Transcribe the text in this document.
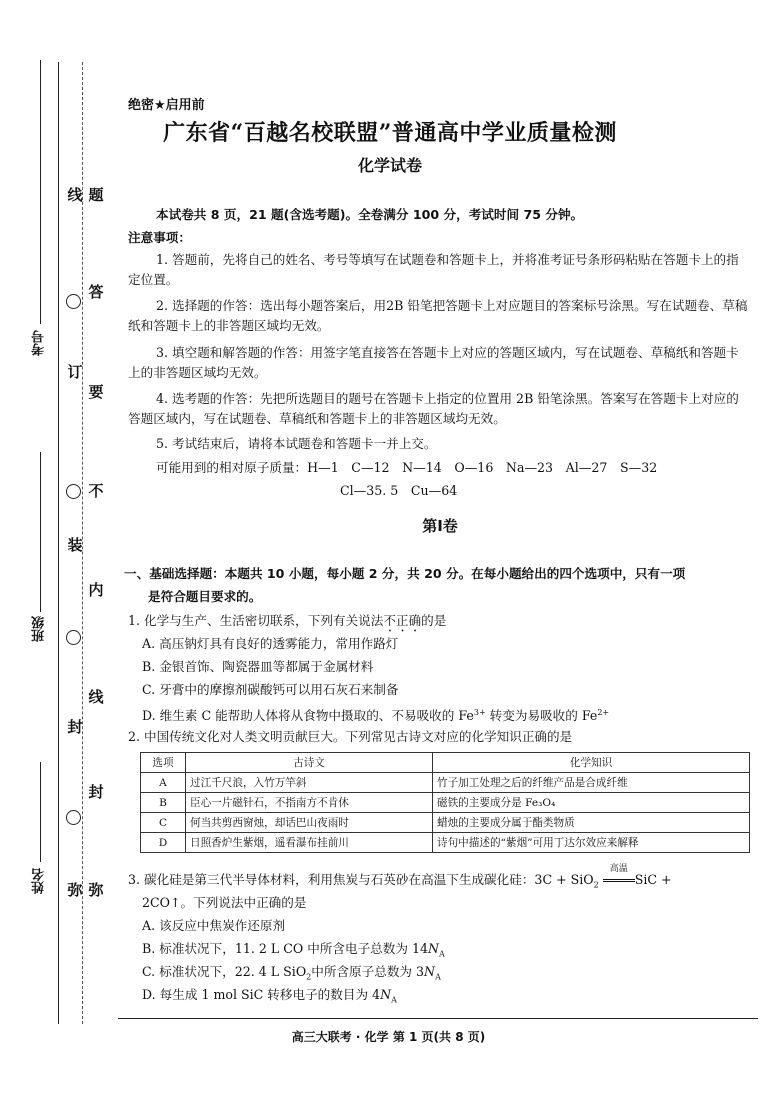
线
订
装
封
弥
题
答
要
不
内
线
封
弥
考号
班级
姓名
绝密★启用前
广东省“百越名校联盟”普通高中学业质量检测
化学试卷
本试卷共 8 页，21 题(含选考题)。全卷满分 100 分，考试时间 75 分钟。
注意事项：
1. 答题前，先将自己的姓名、考号等填写在试题卷和答题卡上，并将准考证号条形码粘贴在答题卡上的指定位置。
2. 选择题的作答：选出每小题答案后，用2B 铅笔把答题卡上对应题目的答案标号涂黑。写在试题卷、草稿纸和答题卡上的非答题区域均无效。
3. 填空题和解答题的作答：用签字笔直接答在答题卡上对应的答题区域内，写在试题卷、草稿纸和答题卡上的非答题区域均无效。
4. 选考题的作答：先把所选题目的题号在答题卡上指定的位置用 2B 铅笔涂黑。答案写在答题卡上对应的答题区域内，写在试题卷、草稿纸和答题卡上的非答题区域均无效。
5. 考试结束后，请将本试题卷和答题卡一并上交。
可能用到的相对原子质量：H—1　C—12　N—14　O—16　Na—23　Al—27　S—32
Cl—35. 5　Cu—64
第Ⅰ卷
一、基础选择题：本题共 10 小题，每小题 2 分，共 20 分。在每小题给出的四个选项中，只有一项
是符合题目要求的。
1. 化学与生产、生活密切联系，下列有关说法不正确的是
A. 高压钠灯具有良好的透雾能力，常用作路灯
B. 金银首饰、陶瓷器皿等都属于金属材料
C. 牙膏中的摩擦剂碳酸钙可以用石灰石来制备
D. 维生素 C 能帮助人体将从食物中摄取的、不易吸收的 $Fe^{3+}$ 转变为易吸收的 $Fe^{2+}$
2. 中国传统文化对人类文明贡献巨大。下列常见古诗文对应的化学知识正确的是
选项	古诗文	化学知识
A	过江千尺浪，入竹万竿斜	竹子加工处理之后的纤维产品是合成纤维
B	臣心一片磁针石，不指南方不肯休	磁铁的主要成分是 Fe₃O₄
C	何当共剪西窗烛，却话巴山夜雨时	蜡烛的主要成分属于酯类物质
D	日照香炉生紫烟，遥看瀑布挂前川	诗句中描述的“紫烟”可用丁达尔效应来解释
3. 碳化硅是第三代半导体材料，利用焦炭与石英砂在高温下生成碳化硅：3C + SiO$_2$
高温
SiC +
2CO↑。下列说法中正确的是
A. 该反应中焦炭作还原剂
B. 标准状况下，11. 2 L CO 中所含电子总数为 $14N_A$
C. 标准状况下，22. 4 L SiO$_2$中所含原子总数为 $3N_A$
D. 每生成 1 mol SiC 转移电子的数目为 $4N_A$
高三大联考 · 化学 第 1 页(共 8 页)
